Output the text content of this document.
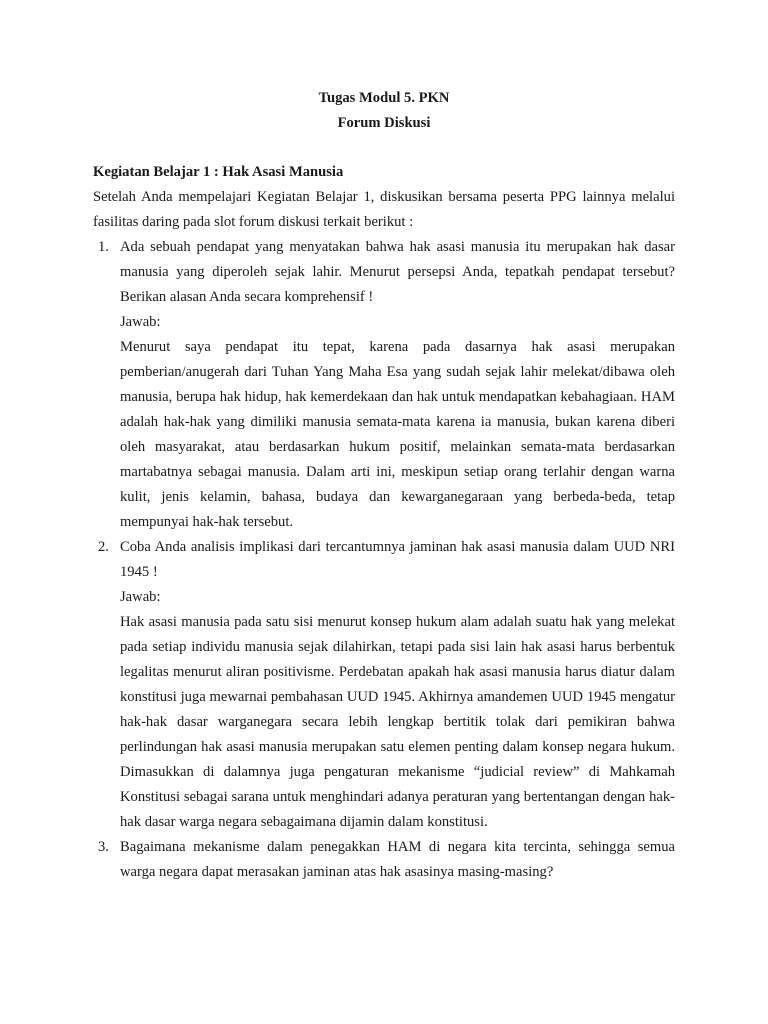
Tugas Modul 5. PKN

Forum Diskusi

Kegiatan Belajar 1 : Hak Asasi Manusia

Setelah Anda mempelajari Kegiatan Belajar 1, diskusikan bersama peserta PPG lainnya melalui fasilitas daring pada slot forum diskusi terkait berikut :

1. Ada sebuah pendapat yang menyatakan bahwa hak asasi manusia itu merupakan hak dasar manusia yang diperoleh sejak lahir. Menurut persepsi Anda, tepatkah pendapat tersebut? Berikan alasan Anda secara komprehensif !

Jawab:

Menurut saya pendapat itu tepat, karena pada dasarnya hak asasi merupakan pemberian/anugerah dari Tuhan Yang Maha Esa yang sudah sejak lahir melekat/dibawa oleh manusia, berupa hak hidup, hak kemerdekaan dan hak untuk mendapatkan kebahagiaan. HAM adalah hak-hak yang dimiliki manusia semata-mata karena ia manusia, bukan karena diberi oleh masyarakat, atau berdasarkan hukum positif, melainkan semata-mata berdasarkan martabatnya sebagai manusia. Dalam arti ini, meskipun setiap orang terlahir dengan warna kulit, jenis kelamin, bahasa, budaya dan kewarganegaraan yang berbeda-beda, tetap mempunyai hak-hak tersebut.

2. Coba Anda analisis implikasi dari tercantumnya jaminan hak asasi manusia dalam UUD NRI 1945 !

Jawab:

Hak asasi manusia pada satu sisi menurut konsep hukum alam adalah suatu hak yang melekat pada setiap individu manusia sejak dilahirkan, tetapi pada sisi lain hak asasi harus berbentuk legalitas menurut aliran positivisme. Perdebatan apakah hak asasi manusia harus diatur dalam konstitusi juga mewarnai pembahasan UUD 1945. Akhirnya amandemen UUD 1945 mengatur hak-hak dasar warganegara secara lebih lengkap bertitik tolak dari pemikiran bahwa perlindungan hak asasi manusia merupakan satu elemen penting dalam konsep negara hukum. Dimasukkan di dalamnya juga pengaturan mekanisme “judicial review” di Mahkamah Konstitusi sebagai sarana untuk menghindari adanya peraturan yang bertentangan dengan hak-hak dasar warga negara sebagaimana dijamin dalam konstitusi.

3. Bagaimana mekanisme dalam penegakkan HAM di negara kita tercinta, sehingga semua warga negara dapat merasakan jaminan atas hak asasinya masing-masing?
